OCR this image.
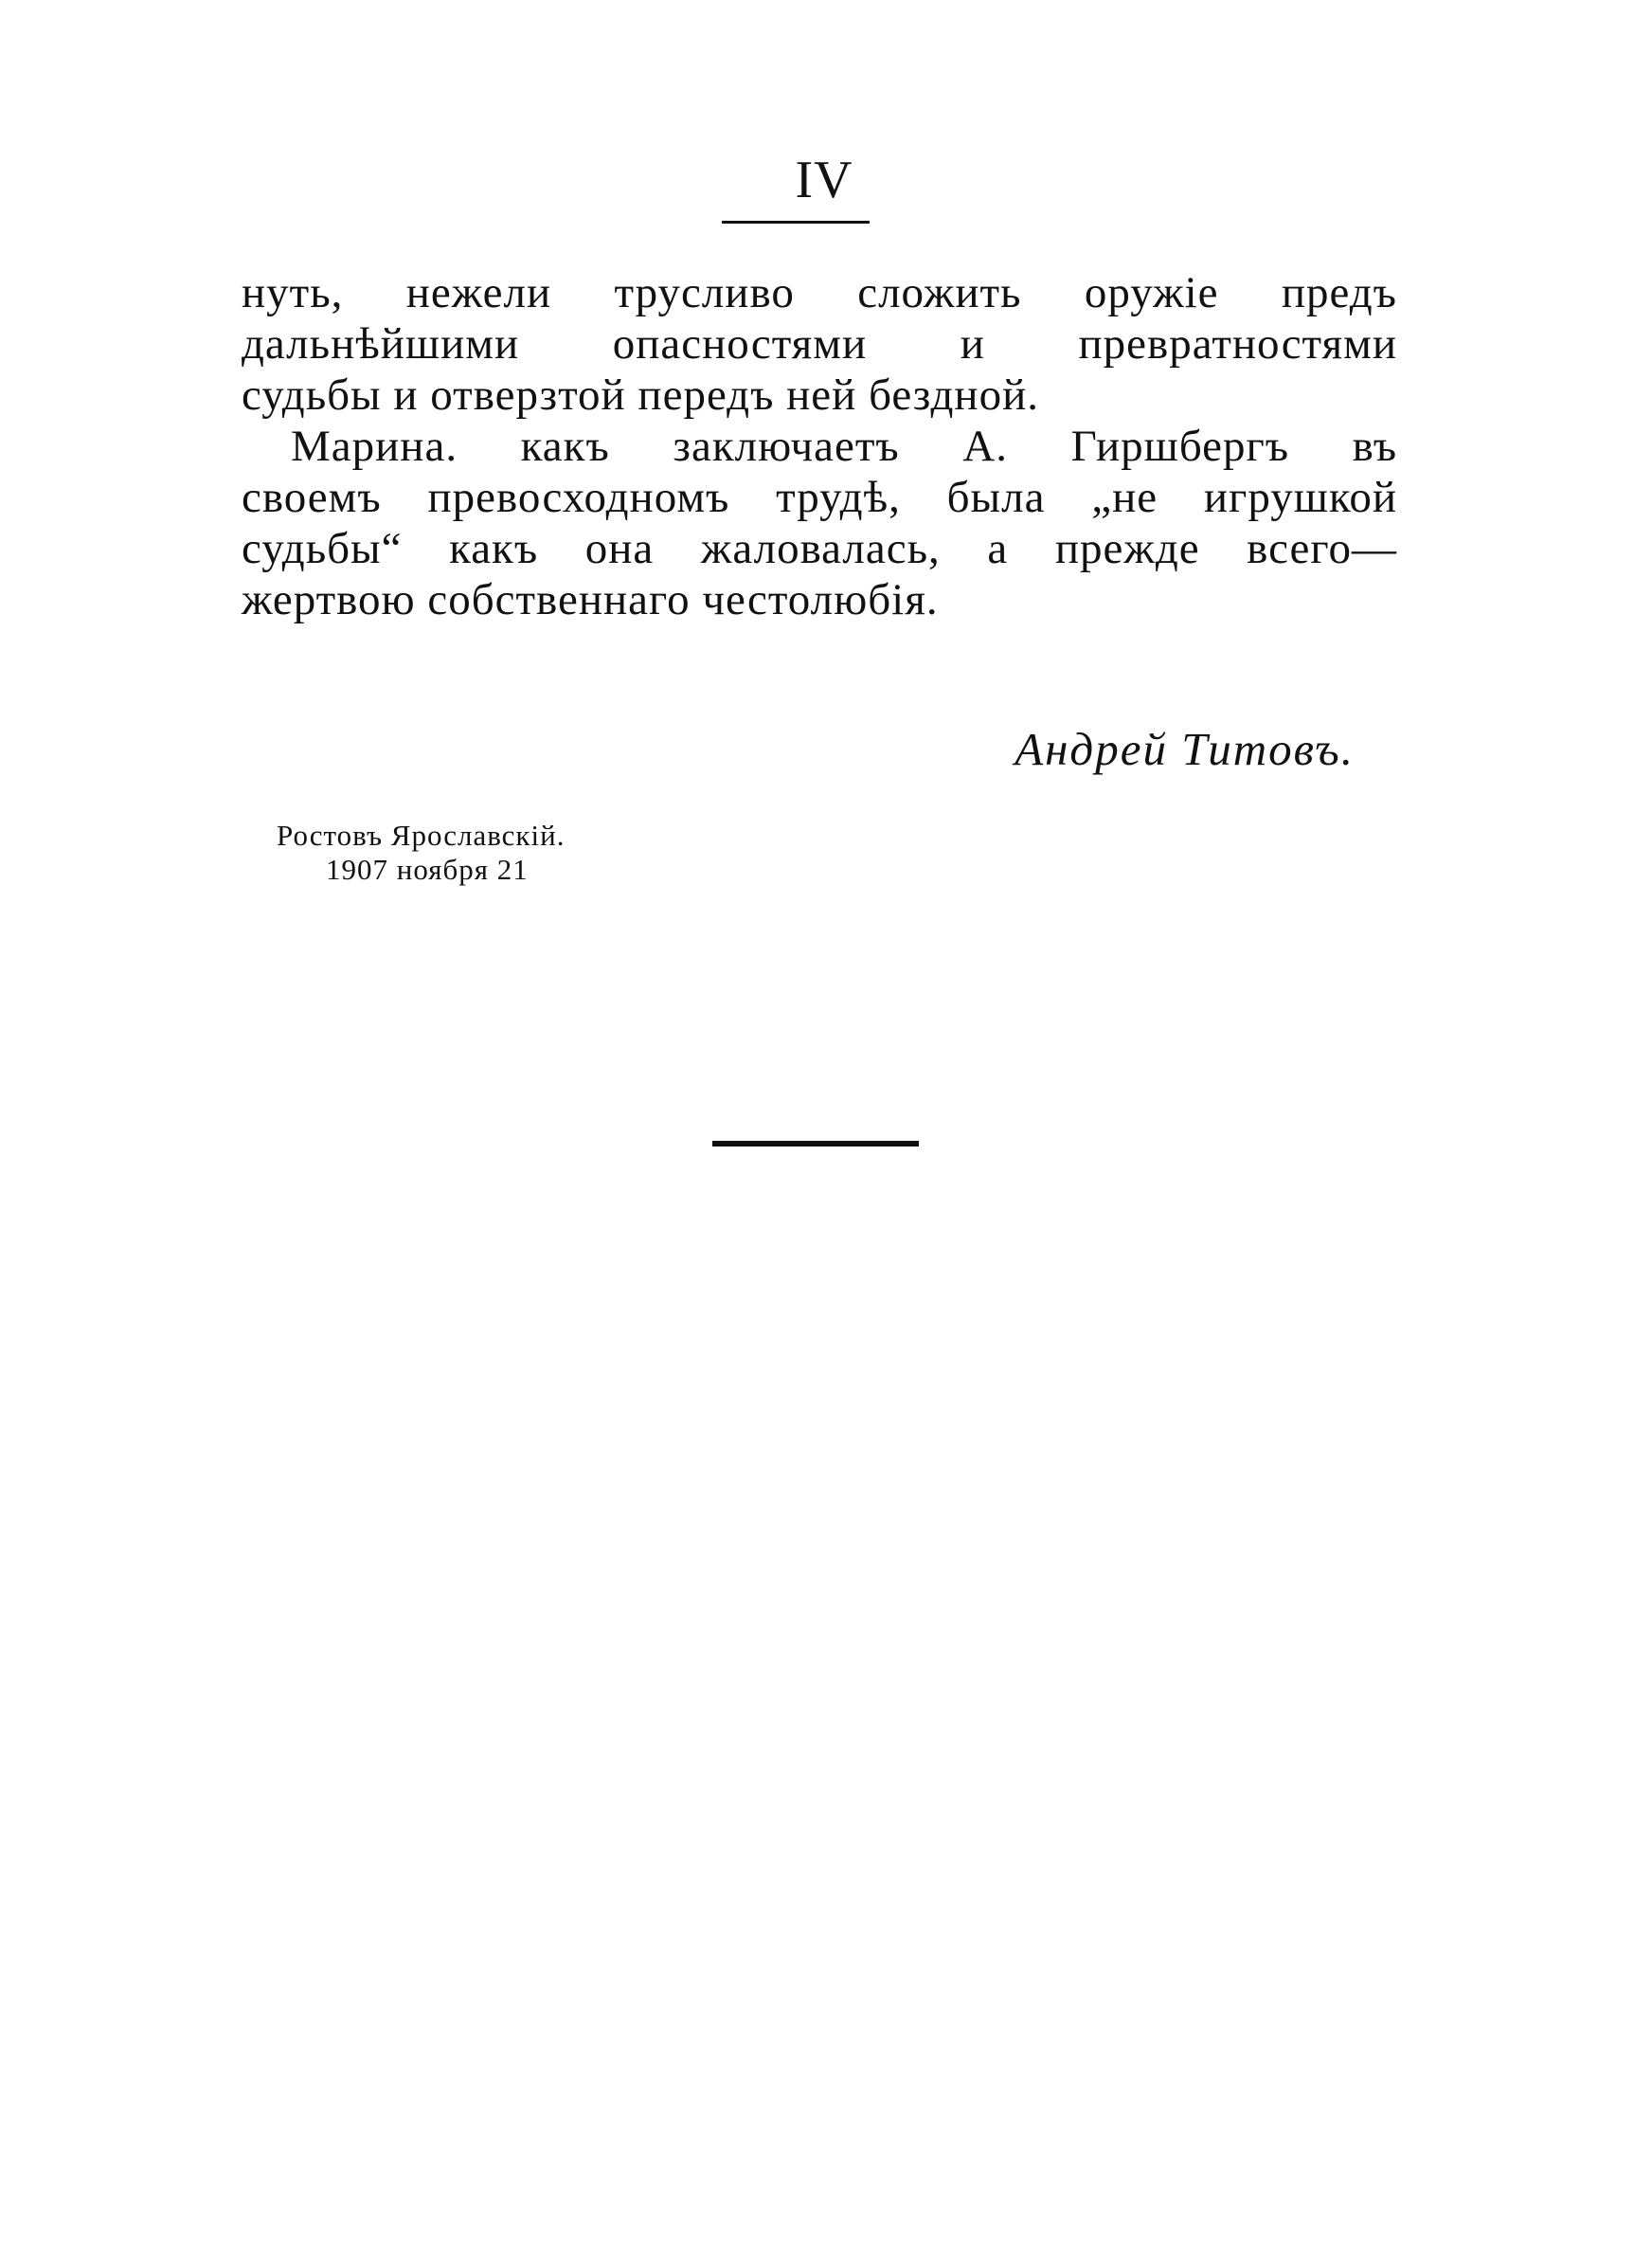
IV

нуть, нежели трусливо сложить оружіе предъ
дальнѣйшими опасностями и превратностями
судьбы и отверзтой передъ ней бездной.

Марина. какъ заключаетъ А. Гиршбергъ въ
своемъ превосходномъ трудѣ, была „не игрушкой
судьбы“ какъ она жаловалась, а прежде всего—
жертвою собственнаго честолюбія.

Андрей Титовъ.
Ростовъ Ярославскій.
1907 ноября 21
